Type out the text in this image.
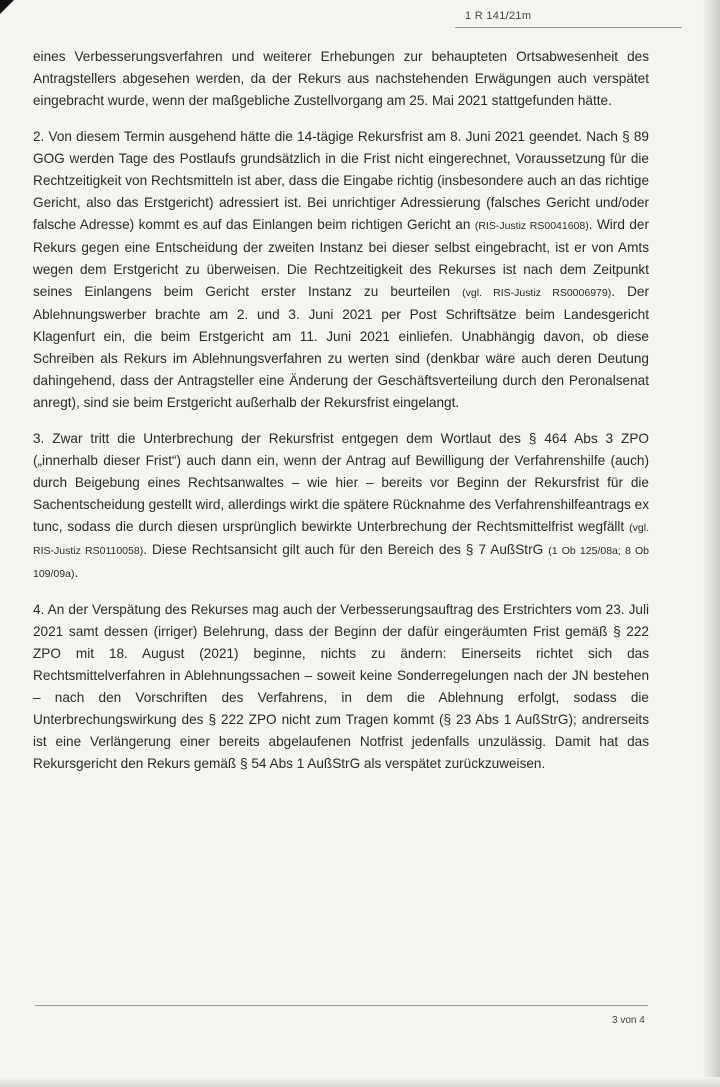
1 R 141/21m

eines Verbesserungsverfahren und weiterer Erhebungen zur behaupteten Ortsabwesenheit des Antragstellers abgesehen werden, da der Rekurs aus nachstehenden Erwägungen auch verspätet eingebracht wurde, wenn der maßgebliche Zustellvorgang am 25. Mai 2021 stattgefunden hätte.

2. Von diesem Termin ausgehend hätte die 14-tägige Rekursfrist am 8. Juni 2021 geendet. Nach § 89 GOG werden Tage des Postlaufs grundsätzlich in die Frist nicht eingerechnet, Voraussetzung für die Rechtzeitigkeit von Rechtsmitteln ist aber, dass die Eingabe richtig (insbesondere auch an das richtige Gericht, also das Erstgericht) adressiert ist. Bei unrichtiger Adressierung (falsches Gericht und/oder falsche Adresse) kommt es auf das Einlangen beim richtigen Gericht an (RIS-Justiz RS0041608). Wird der Rekurs gegen eine Entscheidung der zweiten Instanz bei dieser selbst eingebracht, ist er von Amts wegen dem Erstgericht zu überweisen. Die Rechtzeitigkeit des Rekurses ist nach dem Zeitpunkt seines Einlangens beim Gericht erster Instanz zu beurteilen (vgl. RIS-Justiz RS0006979). Der Ablehnungswerber brachte am 2. und 3. Juni 2021 per Post Schriftsätze beim Landesgericht Klagenfurt ein, die beim Erstgericht am 11. Juni 2021 einliefen. Unabhängig davon, ob diese Schreiben als Rekurs im Ablehnungsverfahren zu werten sind (denkbar wäre auch deren Deutung dahingehend, dass der Antragsteller eine Änderung der Geschäftsverteilung durch den Peronalsenat anregt), sind sie beim Erstgericht außerhalb der Rekursfrist eingelangt.

3. Zwar tritt die Unterbrechung der Rekursfrist entgegen dem Wortlaut des § 464 Abs 3 ZPO („innerhalb dieser Frist“) auch dann ein, wenn der Antrag auf Bewilligung der Verfahrenshilfe (auch) durch Beigebung eines Rechtsanwaltes – wie hier – bereits vor Beginn der Rekursfrist für die Sachentscheidung gestellt wird, allerdings wirkt die spätere Rücknahme des Verfahrenshilfeantrags ex tunc, sodass die durch diesen ursprünglich bewirkte Unterbrechung der Rechtsmittelfrist wegfällt (vgl. RIS-Justiz RS0110058). Diese Rechtsansicht gilt auch für den Bereich des § 7 AußStrG (1 Ob 125/08a; 8 Ob 109/09a).

4. An der Verspätung des Rekurses mag auch der Verbesserungsauftrag des Erstrichters vom 23. Juli 2021 samt dessen (irriger) Belehrung, dass der Beginn der dafür eingeräumten Frist gemäß § 222 ZPO mit 18. August (2021) beginne, nichts zu ändern: Einerseits richtet sich das Rechtsmittelverfahren in Ablehnungssachen – soweit keine Sonderregelungen nach der JN bestehen – nach den Vorschriften des Verfahrens, in dem die Ablehnung erfolgt, sodass die Unterbrechungswirkung des § 222 ZPO nicht zum Tragen kommt (§ 23 Abs 1 AußStrG); andrerseits ist eine Verlängerung einer bereits abgelaufenen Notfrist jedenfalls unzulässig. Damit hat das Rekursgericht den Rekurs gemäß § 54 Abs 1 AußStrG als verspätet zurückzuweisen.

3 von 4
